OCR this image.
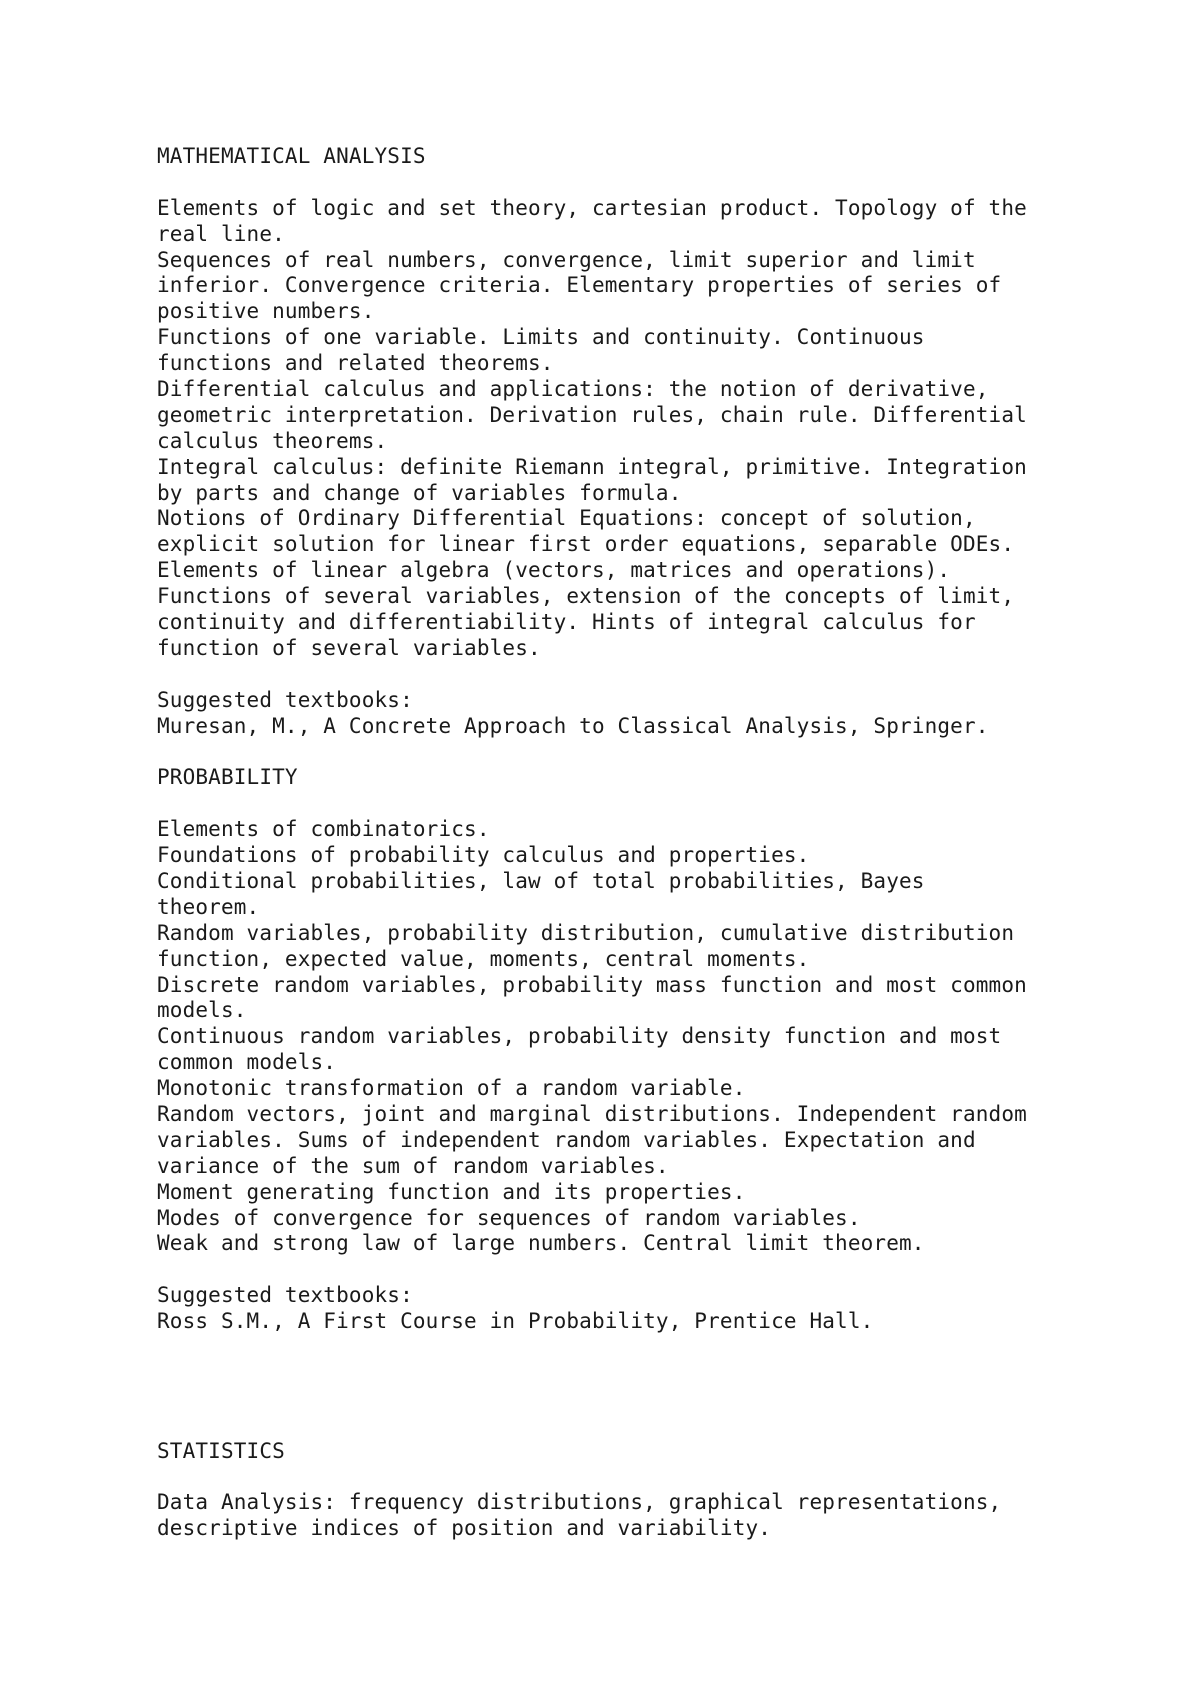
MATHEMATICAL ANALYSIS
Elements of logic and set theory, cartesian product. Topology of the
real line.
Sequences of real numbers, convergence, limit superior and limit
inferior. Convergence criteria. Elementary properties of series of
positive numbers.
Functions of one variable. Limits and continuity. Continuous
functions and related theorems.
Differential calculus and applications: the notion of derivative,
geometric interpretation. Derivation rules, chain rule. Differential
calculus theorems.
Integral calculus: definite Riemann integral, primitive. Integration
by parts and change of variables formula.
Notions of Ordinary Differential Equations: concept of solution,
explicit solution for linear first order equations, separable ODEs.
Elements of linear algebra (vectors, matrices and operations).
Functions of several variables, extension of the concepts of limit,
continuity and differentiability. Hints of integral calculus for
function of several variables.

Suggested textbooks:

Muresan, M., A Concrete Approach to Classical Analysis, Springer.

PROBABILITY
Elements of combinatorics.
Foundations of probability calculus and properties.
Conditional probabilities, law of total probabilities, Bayes
theorem.
Random variables, probability distribution, cumulative distribution
function, expected value, moments, central moments.
Discrete random variables, probability mass function and most common
models.
Continuous random variables, probability density function and most
common models.
Monotonic transformation of a random variable.
Random vectors, joint and marginal distributions. Independent random
variables. Sums of independent random variables. Expectation and
variance of the sum of random variables.
Moment generating function and its properties.
Modes of convergence for sequences of random variables.
Weak and strong law of large numbers. Central limit theorem.

Suggested textbooks:

Ross S.M., A First Course in Probability, Prentice Hall.

STATISTICS
Data Analysis: frequency distributions, graphical representations,
descriptive indices of position and variability.
